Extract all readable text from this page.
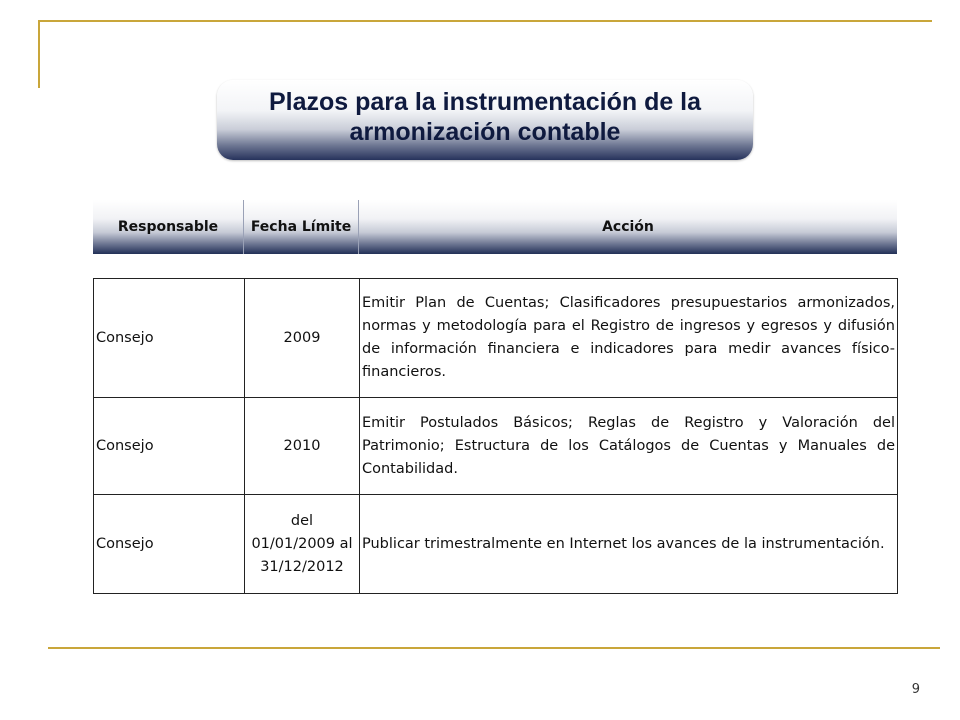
Plazos para la instrumentación de la armonización contable
Responsable	Fecha Límite	Acción
Consejo	2009	Emitir Plan de Cuentas; Clasificadores presupuestarios armonizados, normas y metodología para el Registro de ingresos y egresos y difusión de información financiera e indicadores para medir avances físico-financieros.
Consejo	2010	Emitir Postulados Básicos; Reglas de Registro y Valoración del Patrimonio; Estructura de los Catálogos de Cuentas y Manuales de Contabilidad.
Consejo	del 01/01/2009 al 31/12/2012	Publicar trimestralmente en Internet los avances de la instrumentación.
9
